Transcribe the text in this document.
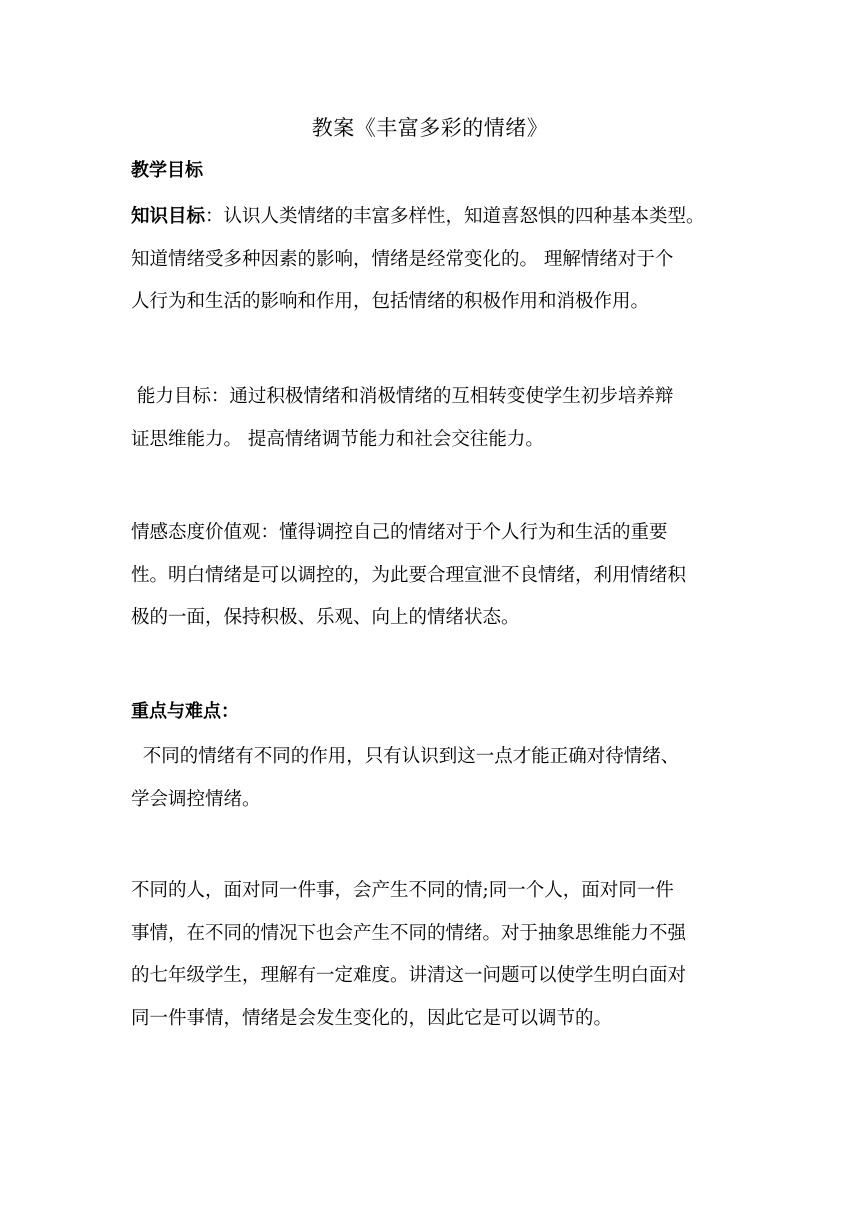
教案《丰富多彩的情绪》
教学目标
知识目标：认识人类情绪的丰富多样性，知道喜怒惧的四种基本类型。
知道情绪受多种因素的影响，情绪是经常变化的。 理解情绪对于个
人行为和生活的影响和作用，包括情绪的积极作用和消极作用。
能力目标：通过积极情绪和消极情绪的互相转变使学生初步培养辩
证思维能力。 提高情绪调节能力和社会交往能力。
情感态度价值观：懂得调控自己的情绪对于个人行为和生活的重要
性。明白情绪是可以调控的，为此要合理宣泄不良情绪，利用情绪积
极的一面，保持积极、乐观、向上的情绪状态。
重点与难点：
不同的情绪有不同的作用，只有认识到这一点才能正确对待情绪、
学会调控情绪。
不同的人，面对同一件事，会产生不同的情;同一个人，面对同一件
事情，在不同的情况下也会产生不同的情绪。对于抽象思维能力不强
的七年级学生，理解有一定难度。讲清这一问题可以使学生明白面对
同一件事情，情绪是会发生变化的，因此它是可以调节的。
